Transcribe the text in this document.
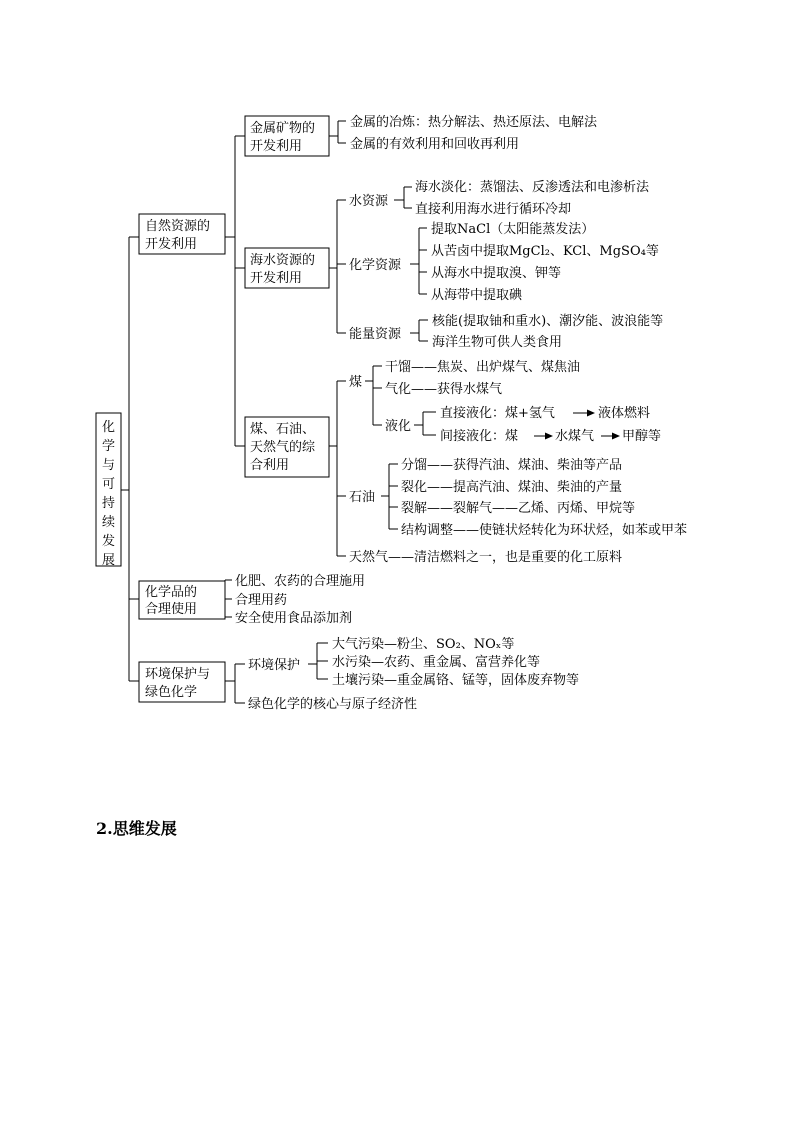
化
学
与
可
持
续
发
展
自然资源的
开发利用
化学品的
合理使用
环境保护与
绿色化学
金属矿物的
开发利用
海水资源的
开发利用
煤、石油、
天然气的综
合利用
金属的冶炼：热分解法、热还原法、电解法
金属的有效利用和回收再利用
水资源
化学资源
能量资源
海水淡化：蒸馏法、反渗透法和电渗析法
直接利用海水进行循环冷却
提取NaCl（太阳能蒸发法）
从苦卤中提取MgCl₂、KCl、MgSO₄等
从海水中提取溴、钾等
从海带中提取碘
核能(提取铀和重水)、潮汐能、波浪能等
海洋生物可供人类食用
煤
石油
天然气——清洁燃料之一，也是重要的化工原料
干馏——焦炭、出炉煤气、煤焦油
气化——获得水煤气
液化
直接液化：煤+氢气	液体燃料
间接液化：煤	水煤气 甲醇等
分馏——获得汽油、煤油、柴油等产品
裂化——提高汽油、煤油、柴油的产量
裂解——裂解气——乙烯、丙烯、甲烷等
结构调整——使链状烃转化为环状烃，如苯或甲苯
化肥、农药的合理施用
合理用药
安全使用食品添加剂
环境保护
绿色化学的核心与原子经济性
大气污染—粉尘、SO₂、NOₓ等
水污染—农药、重金属、富营养化等
土壤污染—重金属铬、锰等，固体废弃物等
2.思维发展
